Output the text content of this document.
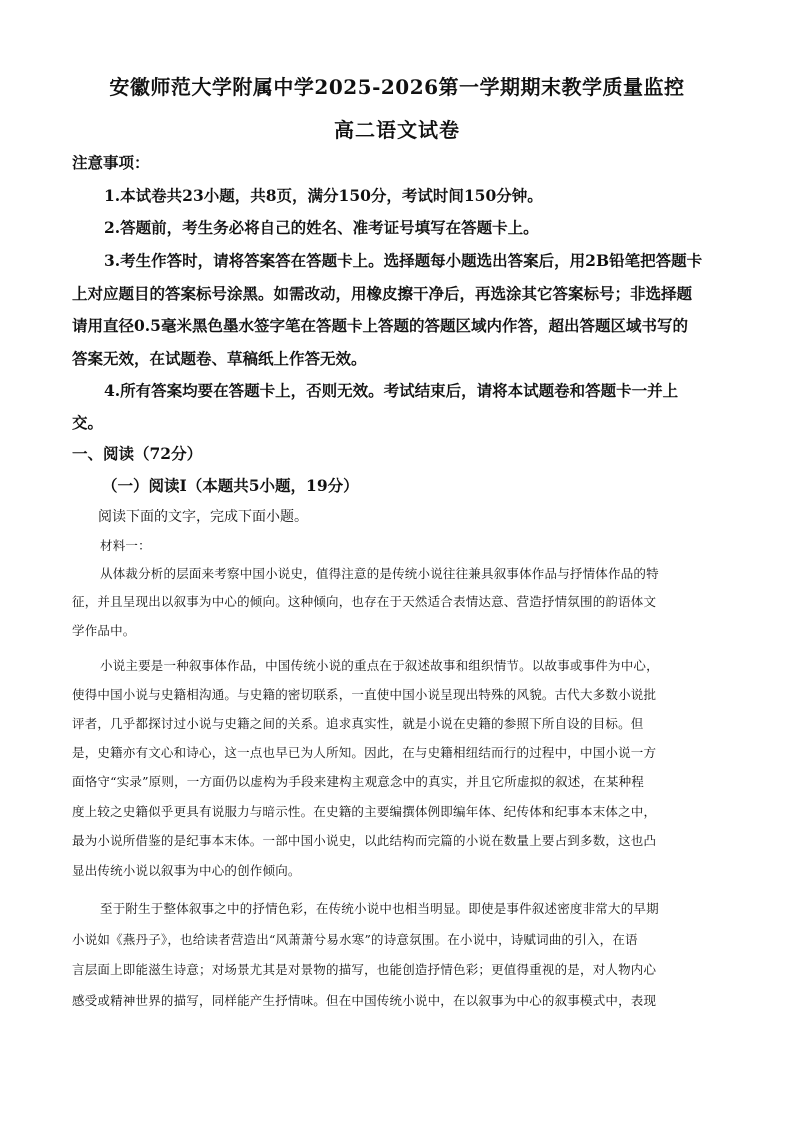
安徽师范大学附属中学2025-2026第一学期期末教学质量监控
高二语文试卷
注意事项：
1.本试卷共23小题，共8页，满分150分，考试时间150分钟。
2.答题前，考生务必将自己的姓名、准考证号填写在答题卡上。
3.考生作答时，请将答案答在答题卡上。选择题每小题选出答案后，用2B铅笔把答题卡
上对应题目的答案标号涂黑。如需改动，用橡皮擦干净后，再选涂其它答案标号；非选择题
请用直径0.5毫米黑色墨水签字笔在答题卡上答题的答题区域内作答，超出答题区域书写的
答案无效，在试题卷、草稿纸上作答无效。
4.所有答案均要在答题卡上，否则无效。考试结束后，请将本试题卷和答题卡一并上
交。
一、阅读（72分）
（一）阅读I（本题共5小题，19分）
阅读下面的文字，完成下面小题。
材料一：
从体裁分析的层面来考察中国小说史，值得注意的是传统小说往往兼具叙事体作品与抒情体作品的特
征，并且呈现出以叙事为中心的倾向。这种倾向，也存在于天然适合表情达意、营造抒情氛围的韵语体文
学作品中。
小说主要是一种叙事体作品，中国传统小说的重点在于叙述故事和组织情节。以故事或事件为中心，
使得中国小说与史籍相沟通。与史籍的密切联系，一直使中国小说呈现出特殊的风貌。古代大多数小说批
评者，几乎都探讨过小说与史籍之间的关系。追求真实性，就是小说在史籍的参照下所自设的目标。但
是，史籍亦有文心和诗心，这一点也早已为人所知。因此，在与史籍相纽结而行的过程中，中国小说一方
面恪守“实录”原则，一方面仍以虚构为手段来建构主观意念中的真实，并且它所虚拟的叙述，在某种程
度上较之史籍似乎更具有说服力与暗示性。在史籍的主要编撰体例即编年体、纪传体和纪事本末体之中，
最为小说所借鉴的是纪事本末体。一部中国小说史，以此结构而完篇的小说在数量上要占到多数，这也凸
显出传统小说以叙事为中心的创作倾向。
至于附生于整体叙事之中的抒情色彩，在传统小说中也相当明显。即使是事件叙述密度非常大的早期
小说如《燕丹子》，也给读者营造出“风萧萧兮易水寒”的诗意氛围。在小说中，诗赋词曲的引入，在语
言层面上即能滋生诗意；对场景尤其是对景物的描写，也能创造抒情色彩；更值得重视的是，对人物内心
感受或精神世界的描写，同样能产生抒情味。但在中国传统小说中，在以叙事为中心的叙事模式中，表现
